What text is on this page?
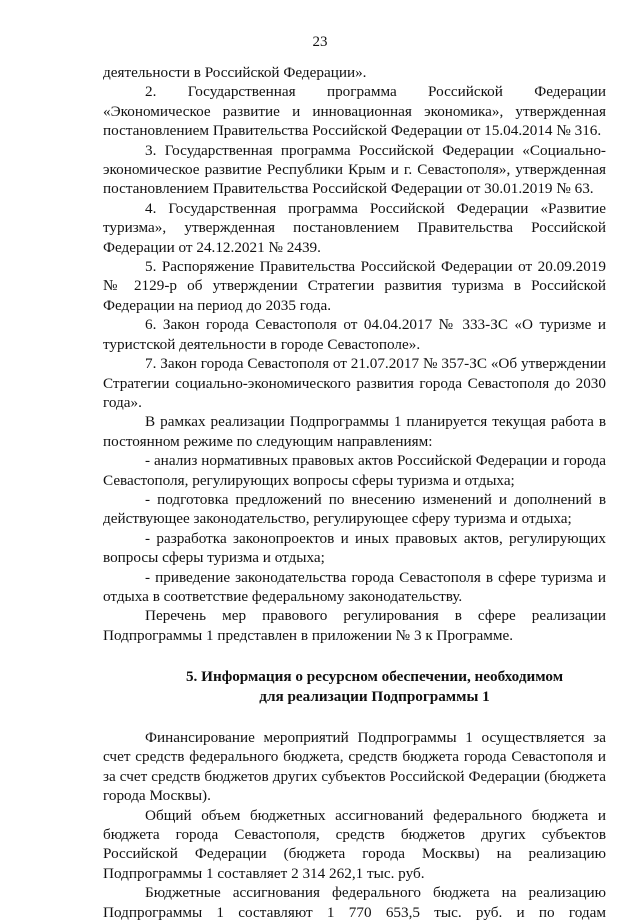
23

деятельности в Российской Федерации».

2. Государственная программа Российской Федерации «Экономическое развитие и инновационная экономика», утвержденная постановлением Правительства Российской Федерации от 15.04.2014 № 316.

3. Государственная программа Российской Федерации «Социально-экономическое развитие Республики Крым и г. Севастополя», утвержденная постановлением Правительства Российской Федерации от 30.01.2019 № 63.

4. Государственная программа Российской Федерации «Развитие туризма», утвержденная постановлением Правительства Российской Федерации от 24.12.2021 № 2439.

5. Распоряжение Правительства Российской Федерации от 20.09.2019 № 2129-р об утверждении Стратегии развития туризма в Российской Федерации на период до 2035 года.

6. Закон города Севастополя от 04.04.2017 № 333-ЗС «О туризме и туристской деятельности в городе Севастополе».

7. Закон города Севастополя от 21.07.2017 № 357-ЗС «Об утверждении Стратегии социально-экономического развития города Севастополя до 2030 года».

В рамках реализации Подпрограммы 1 планируется текущая работа в постоянном режиме по следующим направлениям:

- анализ нормативных правовых актов Российской Федерации и города Севастополя, регулирующих вопросы сферы туризма и отдыха;

- подготовка предложений по внесению изменений и дополнений в действующее законодательство, регулирующее сферу туризма и отдыха;

- разработка законопроектов и иных правовых актов, регулирующих вопросы сферы туризма и отдыха;

- приведение законодательства города Севастополя в сфере туризма и отдыха в соответствие федеральному законодательству.

Перечень мер правового регулирования в сфере реализации Подпрограммы 1 представлен в приложении № 3 к Программе.

5. Информация о ресурсном обеспечении, необходимом
для реализации Подпрограммы 1

Финансирование мероприятий Подпрограммы 1 осуществляется за счет средств федерального бюджета, средств бюджета города Севастополя и за счет средств бюджетов других субъектов Российской Федерации (бюджета города Москвы).

Общий объем бюджетных ассигнований федерального бюджета и бюджета города Севастополя, средств бюджетов других субъектов Российской Федерации (бюджета города Москвы) на реализацию Подпрограммы 1 составляет 2 314 262,1 тыс. руб.

Бюджетные ассигнования федерального бюджета на реализацию Подпрограммы 1 составляют 1 770 653,5 тыс. руб. и по годам
